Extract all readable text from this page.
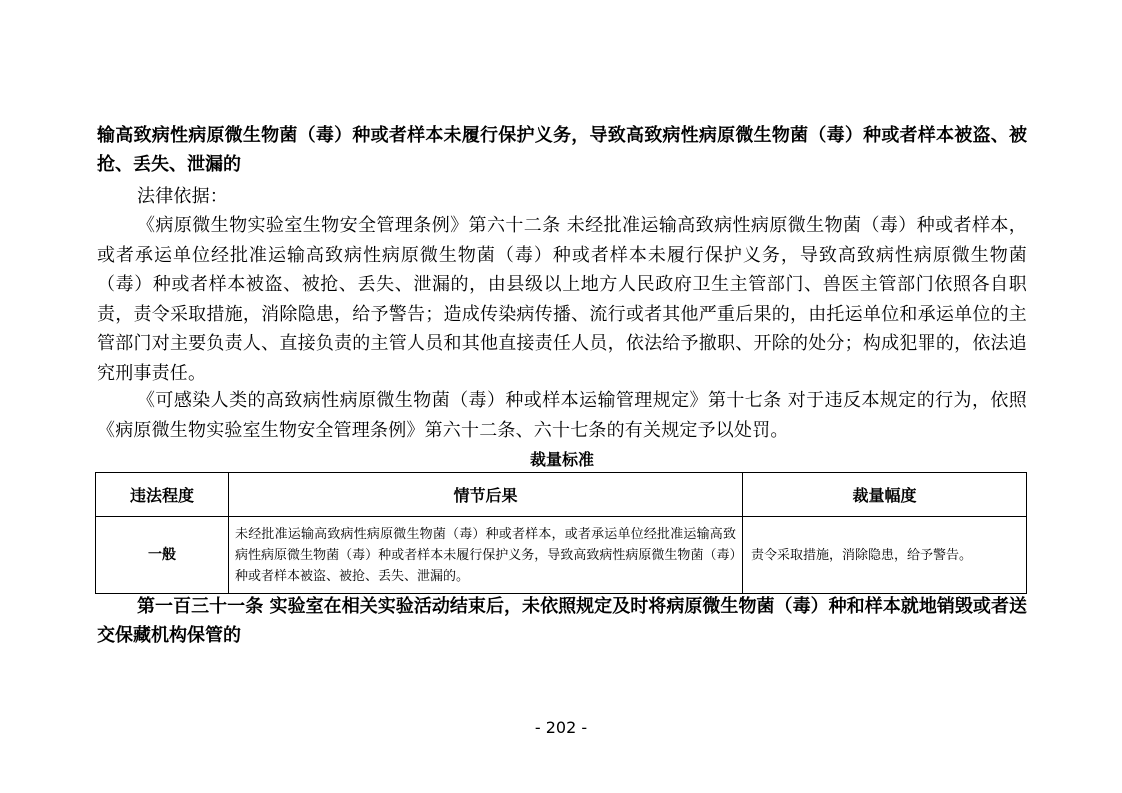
输高致病性病原微生物菌（毒）种或者样本未履行保护义务，导致高致病性病原微生物菌（毒）种或者样本被盗、被抢、丢失、泄漏的

法律依据：

《病原微生物实验室生物安全管理条例》第六十二条 未经批准运输高致病性病原微生物菌（毒）种或者样本，或者承运单位经批准运输高致病性病原微生物菌（毒）种或者样本未履行保护义务，导致高致病性病原微生物菌（毒）种或者样本被盗、被抢、丢失、泄漏的，由县级以上地方人民政府卫生主管部门、兽医主管部门依照各自职责，责令采取措施，消除隐患，给予警告；造成传染病传播、流行或者其他严重后果的，由托运单位和承运单位的主管部门对主要负责人、直接负责的主管人员和其他直接责任人员，依法给予撤职、开除的处分；构成犯罪的，依法追究刑事责任。

《可感染人类的高致病性病原微生物菌（毒）种或样本运输管理规定》第十七条 对于违反本规定的行为，依照《病原微生物实验室生物安全管理条例》第六十二条、六十七条的有关规定予以处罚。

裁量标准
违法程度	情节后果	裁量幅度
一般	未经批准运输高致病性病原微生物菌（毒）种或者样本，或者承运单位经批准运输高致病性病原微生物菌（毒）种或者样本未履行保护义务，导致高致病性病原微生物菌（毒）种或者样本被盗、被抢、丢失、泄漏的。	责令采取措施，消除隐患，给予警告。

第一百三十一条 实验室在相关实验活动结束后，未依照规定及时将病原微生物菌（毒）种和样本就地销毁或者送交保藏机构保管的

- 202 -
